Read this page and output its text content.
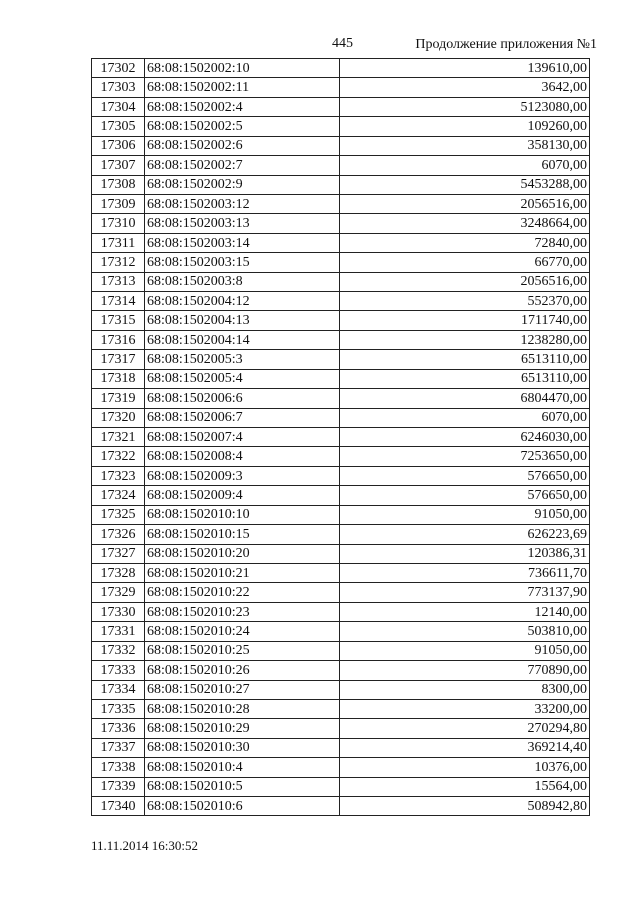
445	Продолжение приложения №1
17302	68:08:1502002:10	139610,00
17303	68:08:1502002:11	3642,00
17304	68:08:1502002:4	5123080,00
17305	68:08:1502002:5	109260,00
17306	68:08:1502002:6	358130,00
17307	68:08:1502002:7	6070,00
17308	68:08:1502002:9	5453288,00
17309	68:08:1502003:12	2056516,00
17310	68:08:1502003:13	3248664,00
17311	68:08:1502003:14	72840,00
17312	68:08:1502003:15	66770,00
17313	68:08:1502003:8	2056516,00
17314	68:08:1502004:12	552370,00
17315	68:08:1502004:13	1711740,00
17316	68:08:1502004:14	1238280,00
17317	68:08:1502005:3	6513110,00
17318	68:08:1502005:4	6513110,00
17319	68:08:1502006:6	6804470,00
17320	68:08:1502006:7	6070,00
17321	68:08:1502007:4	6246030,00
17322	68:08:1502008:4	7253650,00
17323	68:08:1502009:3	576650,00
17324	68:08:1502009:4	576650,00
17325	68:08:1502010:10	91050,00
17326	68:08:1502010:15	626223,69
17327	68:08:1502010:20	120386,31
17328	68:08:1502010:21	736611,70
17329	68:08:1502010:22	773137,90
17330	68:08:1502010:23	12140,00
17331	68:08:1502010:24	503810,00
17332	68:08:1502010:25	91050,00
17333	68:08:1502010:26	770890,00
17334	68:08:1502010:27	8300,00
17335	68:08:1502010:28	33200,00
17336	68:08:1502010:29	270294,80
17337	68:08:1502010:30	369214,40
17338	68:08:1502010:4	10376,00
17339	68:08:1502010:5	15564,00
17340	68:08:1502010:6	508942,80
11.11.2014 16:30:52
